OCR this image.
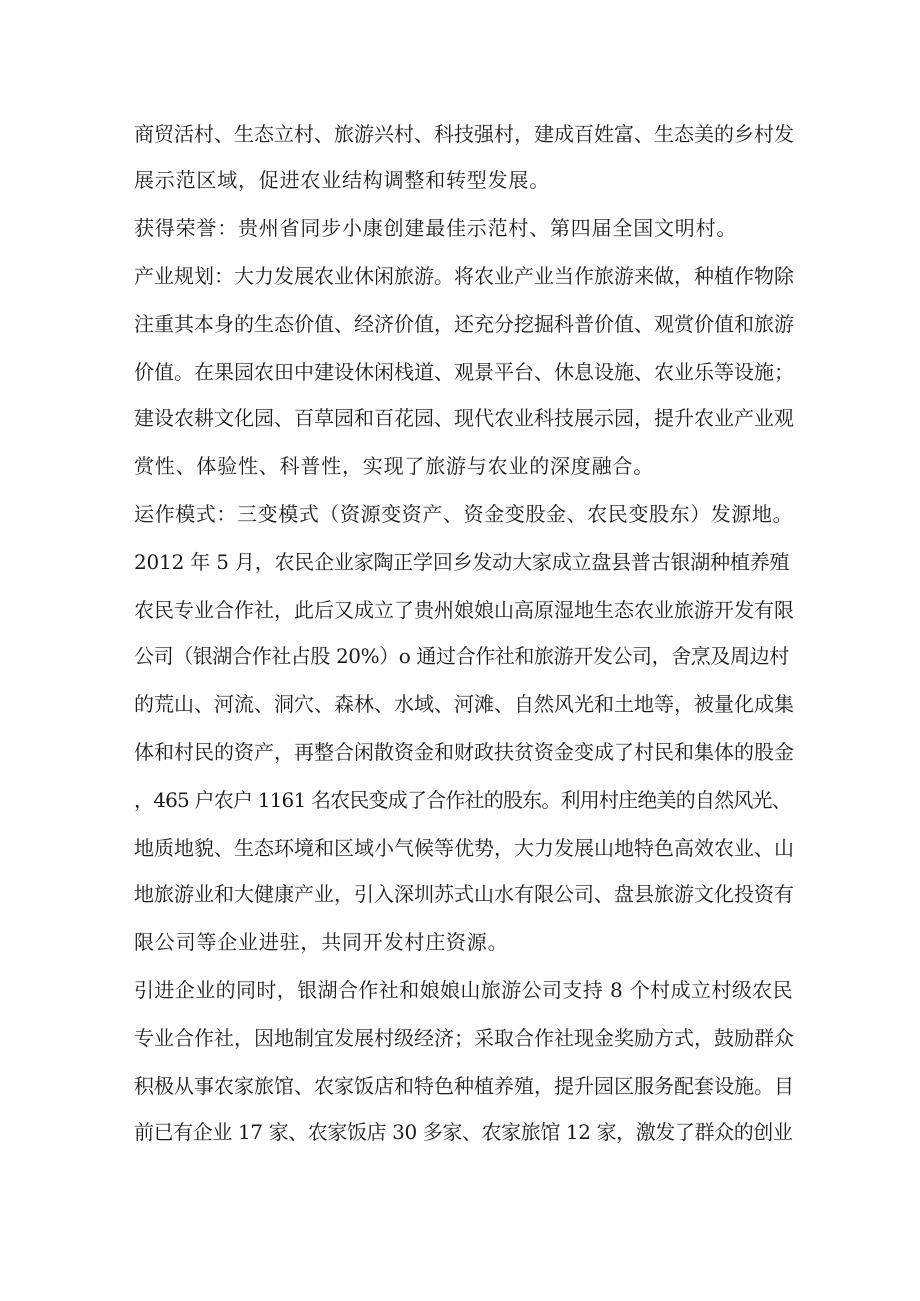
商贸活村、生态立村、旅游兴村、科技强村，建成百姓富、生态美的乡村发
展示范区域，促进农业结构调整和转型发展。
获得荣誉：贵州省同步小康创建最佳示范村、第四届全国文明村。
产业规划：大力发展农业休闲旅游。将农业产业当作旅游来做，种植作物除
注重其本身的生态价值、经济价值，还充分挖掘科普价值、观赏价值和旅游
价值。在果园农田中建设休闲栈道、观景平台、休息设施、农业乐等设施；
建设农耕文化园、百草园和百花园、现代农业科技展示园，提升农业产业观
赏性、体验性、科普性，实现了旅游与农业的深度融合。
运作模式：三变模式（资源变资产、资金变股金、农民变股东）发源地。
2012 年 5 月，农民企业家陶正学回乡发动大家成立盘县普古银湖种植养殖
农民专业合作社，此后又成立了贵州娘娘山高原湿地生态农业旅游开发有限
公司（银湖合作社占股 20%）o 通过合作社和旅游开发公司，舍烹及周边村
的荒山、河流、洞穴、森林、水域、河滩、自然风光和土地等，被量化成集
体和村民的资产，再整合闲散资金和财政扶贫资金变成了村民和集体的股金
，465 户农户 1161 名农民变成了合作社的股东。利用村庄绝美的自然风光、
地质地貌、生态环境和区域小气候等优势，大力发展山地特色高效农业、山
地旅游业和大健康产业，引入深圳苏式山水有限公司、盘县旅游文化投资有
限公司等企业进驻，共同开发村庄资源。
引进企业的同时，银湖合作社和娘娘山旅游公司支持 8 个村成立村级农民
专业合作社，因地制宜发展村级经济；采取合作社现金奖励方式，鼓励群众
积极从事农家旅馆、农家饭店和特色种植养殖，提升园区服务配套设施。目
前已有企业 17 家、农家饭店 30 多家、农家旅馆 12 家，激发了群众的创业
